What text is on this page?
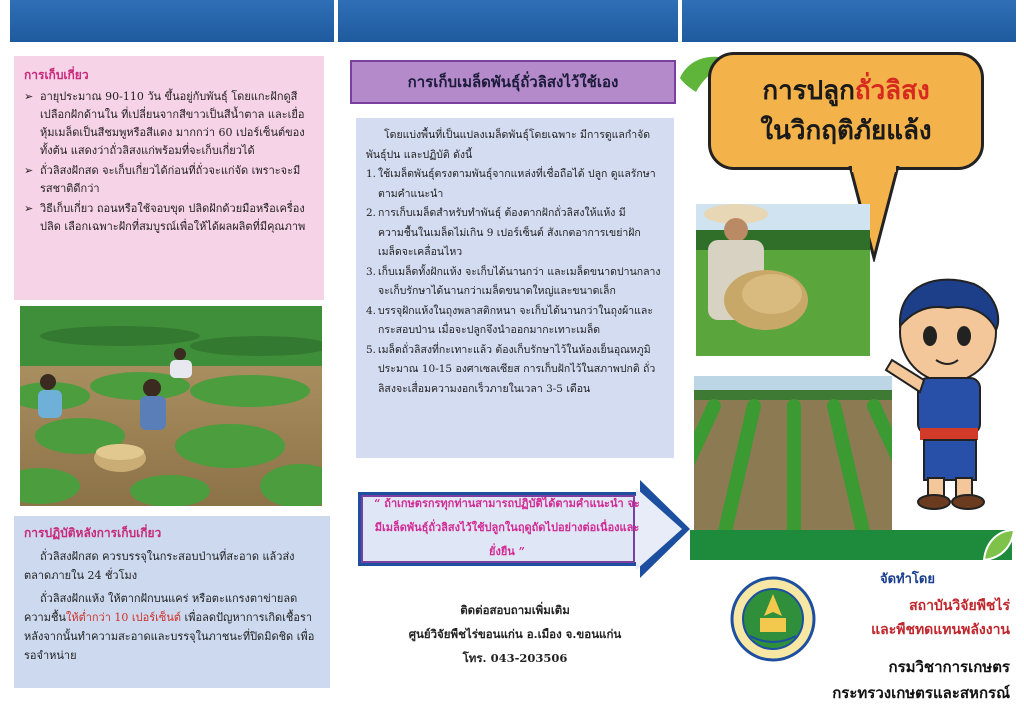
การเก็บเกี่ยว
➢ อายุประมาณ 90-110 วัน ขึ้นอยู่กับพันธุ์ โดยแกะฝักดูสีเปลือกฝักด้านใน ที่เปลี่ยนจากสีขาวเป็นสีน้ำตาล และเยื่อหุ้มเมล็ดเป็นสีชมพูหรือสีแดง มากกว่า 60 เปอร์เซ็นต์ของทั้งต้น แสดงว่าถั่วลิสงแก่พร้อมที่จะเก็บเกี่ยวได้
➢ ถั่วลิสงฝักสด จะเก็บเกี่ยวได้ก่อนที่ถั่วจะแก่จัด เพราะจะมีรสชาติดีกว่า
➢ วิธีเก็บเกี่ยว ถอนหรือใช้จอบขุด ปลิดฝักด้วยมือหรือเครื่องปลิด เลือกเฉพาะฝักที่สมบูรณ์เพื่อให้ได้ผลผลิตที่มีคุณภาพ
การปฏิบัติหลังการเก็บเกี่ยว
ถั่วลิสงฝักสด ควรบรรจุในกระสอบป่านที่สะอาด แล้วส่งตลาดภายใน 24 ชั่วโมง
ถั่วลิสงฝักแห้ง ให้ตากฝักบนแคร่ หรือตะแกรงตาข่ายลดความชื้นให้ต่ำกว่า 10 เปอร์เซ็นต์ เพื่อลดปัญหาการเกิดเชื้อรา หลังจากนั้นทำความสะอาดและบรรจุในภาชนะที่ปิดมิดชิด เพื่อรอจำหน่าย
การเก็บเมล็ดพันธุ์ถั่วลิสงไว้ใช้เอง
โดยแบ่งพื้นที่เป็นแปลงเมล็ดพันธุ์โดยเฉพาะ มีการดูแลกำจัดพันธุ์ปน และปฏิบัติ ดังนี้
1. ใช้เมล็ดพันธุ์ตรงตามพันธุ์จากแหล่งที่เชื่อถือได้ ปลูก ดูแลรักษาตามคำแนะนำ
2. การเก็บเมล็ดสำหรับทำพันธุ์ ต้องตากฝักถั่วลิสงให้แห้ง มีความชื้นในเมล็ดไม่เกิน 9 เปอร์เซ็นต์ สังเกตอาการเขย่าฝักเมล็ดจะเคลื่อนไหว
3. เก็บเมล็ดทั้งฝักแห้ง จะเก็บได้นานกว่า และเมล็ดขนาดปานกลาง จะเก็บรักษาได้นานกว่าเมล็ดขนาดใหญ่และขนาดเล็ก
4. บรรจุฝักแห้งในถุงพลาสติกหนา จะเก็บได้นานกว่าในถุงผ้าและกระสอบป่าน เมื่อจะปลูกจึงนำออกมากะเทาะเมล็ด
5. เมล็ดถั่วลิสงที่กะเทาะแล้ว ต้องเก็บรักษาไว้ในห้องเย็นอุณหภูมิประมาณ 10-15 องศาเซลเซียส การเก็บฝักไว้ในสภาพปกติ ถั่วลิสงจะเสื่อมความงอกเร็วภายในเวลา 3-5 เดือน
“ ถ้าเกษตรกรทุกท่านสามารถปฏิบัติได้ตามคำแนะนำ จะมีเมล็ดพันธุ์ถั่วลิสงไว้ใช้ปลูกในฤดูถัดไปอย่างต่อเนื่องและยั่งยืน ”
ติดต่อสอบถามเพิ่มเติม
ศูนย์วิจัยพืชไร่ขอนแก่น อ.เมือง จ.ขอนแก่น
โทร. 043-203506
การปลูกถั่วลิสง
ในวิกฤติภัยแล้ง
จัดทำโดย
สถาบันวิจัยพืชไร่
และพืชทดแทนพลังงาน
กรมวิชาการเกษตร
กระทรวงเกษตรและสหกรณ์
